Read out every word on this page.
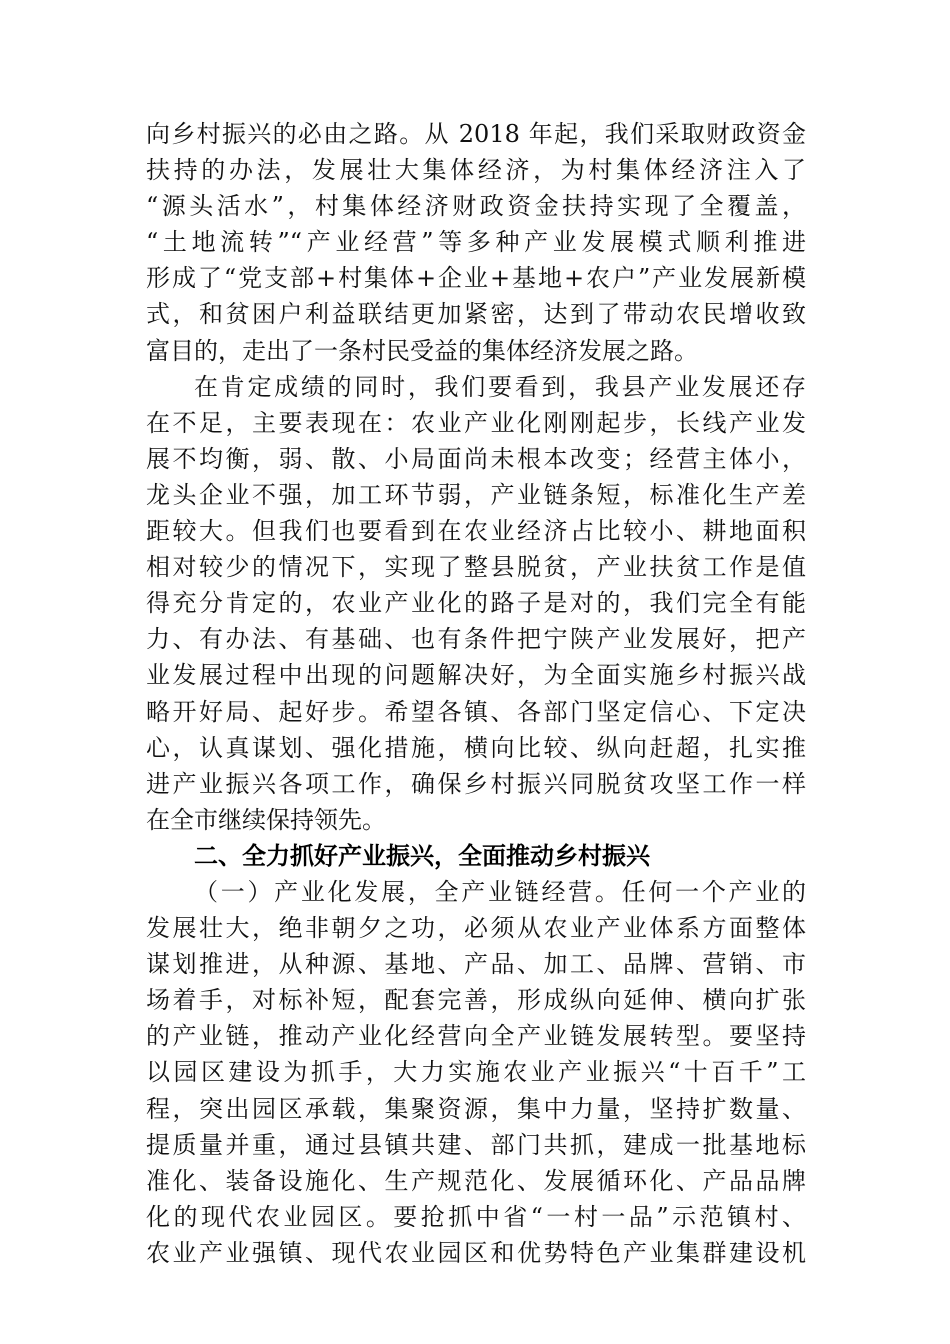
向乡村振兴的必由之路。从 2018 年起，我们采取财政资金
扶持的办法，发展壮大集体经济，为村集体经济注入了
“源头活水”，村集体经济财政资金扶持实现了全覆盖，
“土地流转”“产业经营”等多种产业发展模式顺利推进
形成了“党支部+村集体+企业+基地+农户”产业发展新模
式，和贫困户利益联结更加紧密，达到了带动农民增收致
富目的，走出了一条村民受益的集体经济发展之路。
在肯定成绩的同时，我们要看到，我县产业发展还存
在不足，主要表现在：农业产业化刚刚起步，长线产业发
展不均衡，弱、散、小局面尚未根本改变；经营主体小，
龙头企业不强，加工环节弱，产业链条短，标准化生产差
距较大。但我们也要看到在农业经济占比较小、耕地面积
相对较少的情况下，实现了整县脱贫，产业扶贫工作是值
得充分肯定的，农业产业化的路子是对的，我们完全有能
力、有办法、有基础、也有条件把宁陕产业发展好，把产
业发展过程中出现的问题解决好，为全面实施乡村振兴战
略开好局、起好步。希望各镇、各部门坚定信心、下定决
心，认真谋划、强化措施，横向比较、纵向赶超，扎实推
进产业振兴各项工作，确保乡村振兴同脱贫攻坚工作一样
在全市继续保持领先。
二、全力抓好产业振兴，全面推动乡村振兴
（一）产业化发展，全产业链经营。任何一个产业的
发展壮大，绝非朝夕之功，必须从农业产业体系方面整体
谋划推进，从种源、基地、产品、加工、品牌、营销、市
场着手，对标补短，配套完善，形成纵向延伸、横向扩张
的产业链，推动产业化经营向全产业链发展转型。要坚持
以园区建设为抓手，大力实施农业产业振兴“十百千”工
程，突出园区承载，集聚资源，集中力量，坚持扩数量、
提质量并重，通过县镇共建、部门共抓，建成一批基地标
准化、装备设施化、生产规范化、发展循环化、产品品牌
化的现代农业园区。要抢抓中省“一村一品”示范镇村、
农业产业强镇、现代农业园区和优势特色产业集群建设机
